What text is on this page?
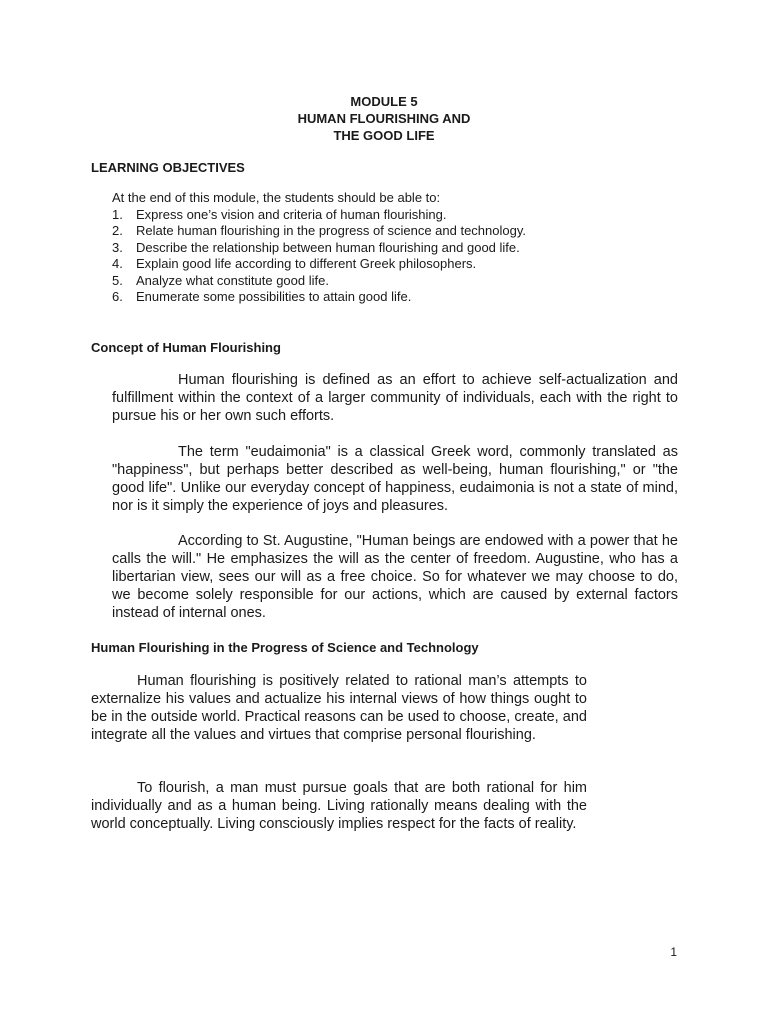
MODULE 5
HUMAN FLOURISHING AND
THE GOOD LIFE
LEARNING OBJECTIVES
At the end of this module, the students should be able to:
1. Express one’s vision and criteria of human flourishing.
2. Relate human flourishing in the progress of science and technology.
3. Describe the relationship between human flourishing and good life.
4. Explain good life according to different Greek philosophers.
5. Analyze what constitute good life.
6. Enumerate some possibilities to attain good life.
Concept of Human Flourishing

Human flourishing is defined as an effort to achieve self-actualization and fulfillment within the context of a larger community of individuals, each with the right to pursue his or her own such efforts.

The term "eudaimonia" is a classical Greek word, commonly translated as "happiness", but perhaps better described as well-being, human flourishing," or "the good life". Unlike our everyday concept of happiness, eudaimonia is not a state of mind, nor is it simply the experience of joys and pleasures.

According to St. Augustine, "Human beings are endowed with a power that he calls the will." He emphasizes the will as the center of freedom. Augustine, who has a libertarian view, sees our will as a free choice. So for whatever we may choose to do, we become solely responsible for our actions, which are caused by external factors instead of internal ones.

Human Flourishing in the Progress of Science and Technology

Human flourishing is positively related to rational man’s attempts to externalize his values and actualize his internal views of how things ought to be in the outside world. Practical reasons can be used to choose, create, and integrate all the values and virtues that comprise personal flourishing.

To flourish, a man must pursue goals that are both rational for him individually and as a human being. Living rationally means dealing with the world conceptually. Living consciously implies respect for the facts of reality.

1
